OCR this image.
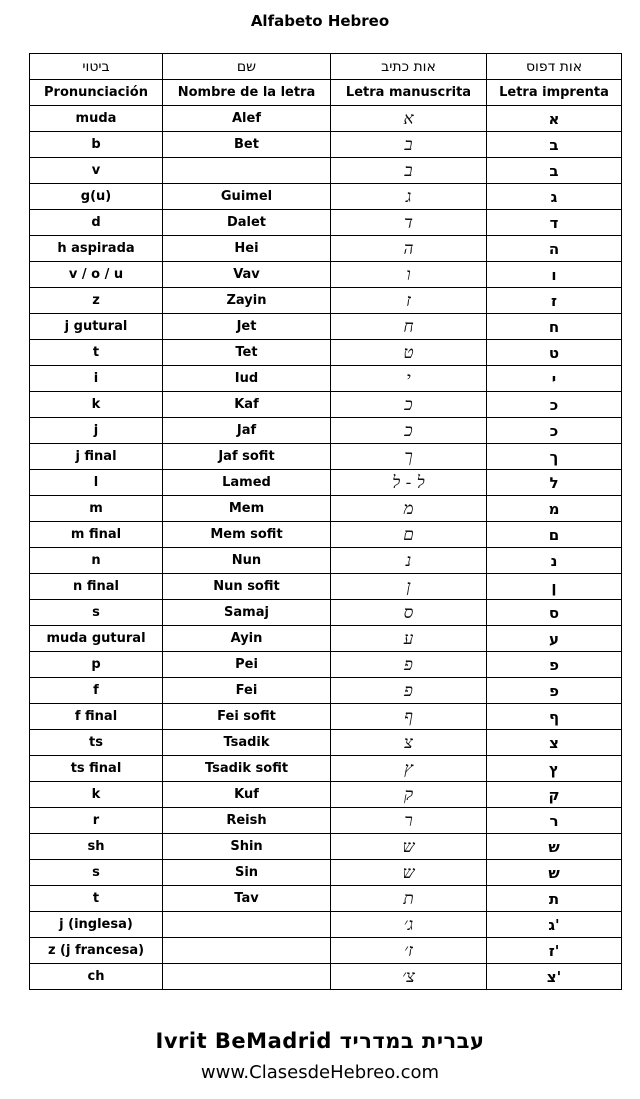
Alfabeto Hebreo
ביטוי	שם	אות כתיב	אות דפוס
Pronunciación	Nombre de la letra	Letra manuscrita	Letra imprenta
muda	Alef	א	א
b	Bet	ב	ב
v		ב	ב
g(u)	Guimel	ג	ג
d	Dalet	ד	ד
h aspirada	Hei	ה	ה
v / o / u	Vav	ו	ו
z	Zayin	ז	ז
j gutural	Jet	ח	ח
t	Tet	ט	ט
i	Iud	י	י
k	Kaf	כ	כ
j	Jaf	כ	כ
j final	Jaf sofit	ך	ך
l	Lamed	ל - ל	ל
m	Mem	מ	מ
m final	Mem sofit	ם	ם
n	Nun	נ	נ
n final	Nun sofit	ן	ן
s	Samaj	ס	ס
muda gutural	Ayin	ע	ע
p	Pei	פ	פ
f	Fei	פ	פ
f final	Fei sofit	ף	ף
ts	Tsadik	צ	צ
ts final	Tsadik sofit	ץ	ץ
k	Kuf	ק	ק
r	Reish	ר	ר
sh	Shin	ש	ש
s	Sin	ש	ש
t	Tav	ת	ת
j (inglesa)		ג׳	ג'
z (j francesa)		ז׳	ז'
ch		צ׳	צ'
Ivrit BeMadrid עברית במדריד
www.ClasesdeHebreo.com
